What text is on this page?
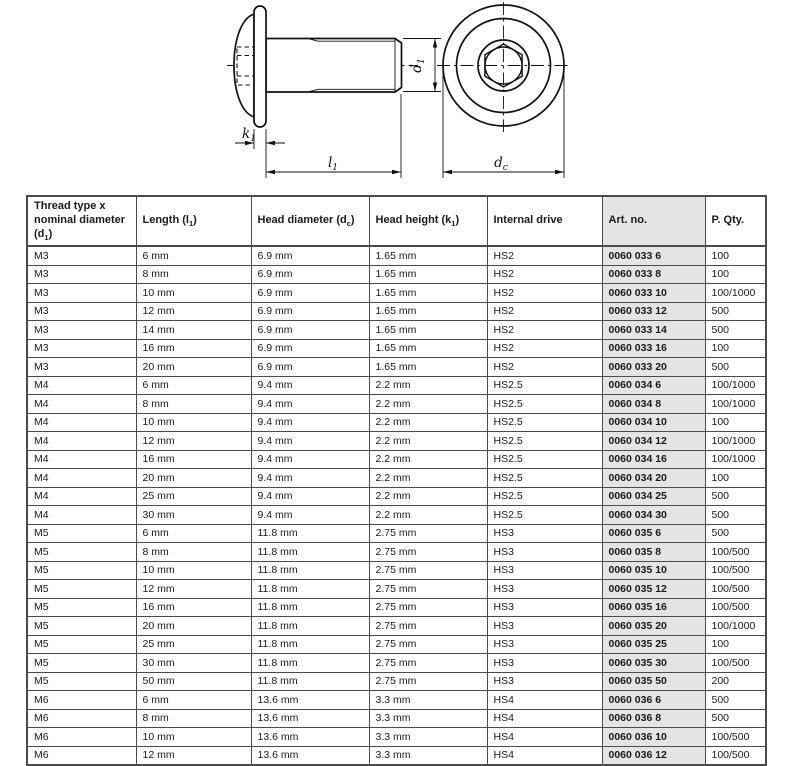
$d_1$
$k_1$
$l_1$	$d_c$
Thread type x nominal diameter $(d_1)$	Length $(l_1)$	Head diameter $(d_c)$	Head height $(k_1)$	Internal drive	Art. no.	P. Qty.
M3	6 mm	6.9 mm	1.65 mm	HS2	0060 033 6	100
M3	8 mm	6.9 mm	1.65 mm	HS2	0060 033 8	100
M3	10 mm	6.9 mm	1.65 mm	HS2	0060 033 10	100/1000
M3	12 mm	6.9 mm	1.65 mm	HS2	0060 033 12	500
M3	14 mm	6.9 mm	1.65 mm	HS2	0060 033 14	500
M3	16 mm	6.9 mm	1.65 mm	HS2	0060 033 16	100
M3	20 mm	6.9 mm	1.65 mm	HS2	0060 033 20	500
M4	6 mm	9.4 mm	2.2 mm	HS2.5	0060 034 6	100/1000
M4	8 mm	9.4 mm	2.2 mm	HS2.5	0060 034 8	100/1000
M4	10 mm	9.4 mm	2.2 mm	HS2.5	0060 034 10	100
M4	12 mm	9.4 mm	2.2 mm	HS2.5	0060 034 12	100/1000
M4	16 mm	9.4 mm	2.2 mm	HS2.5	0060 034 16	100/1000
M4	20 mm	9.4 mm	2.2 mm	HS2.5	0060 034 20	100
M4	25 mm	9.4 mm	2.2 mm	HS2.5	0060 034 25	500
M4	30 mm	9.4 mm	2.2 mm	HS2.5	0060 034 30	500
M5	6 mm	11.8 mm	2.75 mm	HS3	0060 035 6	500
M5	8 mm	11.8 mm	2.75 mm	HS3	0060 035 8	100/500
M5	10 mm	11.8 mm	2.75 mm	HS3	0060 035 10	100/500
M5	12 mm	11.8 mm	2.75 mm	HS3	0060 035 12	100/500
M5	16 mm	11.8 mm	2.75 mm	HS3	0060 035 16	100/500
M5	20 mm	11.8 mm	2.75 mm	HS3	0060 035 20	100/1000
M5	25 mm	11.8 mm	2.75 mm	HS3	0060 035 25	100
M5	30 mm	11.8 mm	2.75 mm	HS3	0060 035 30	100/500
M5	50 mm	11.8 mm	2.75 mm	HS3	0060 035 50	200
M6	6 mm	13.6 mm	3.3 mm	HS4	0060 036 6	500
M6	8 mm	13.6 mm	3.3 mm	HS4	0060 036 8	500
M6	10 mm	13.6 mm	3.3 mm	HS4	0060 036 10	100/500
M6	12 mm	13.6 mm	3.3 mm	HS4	0060 036 12	100/500
